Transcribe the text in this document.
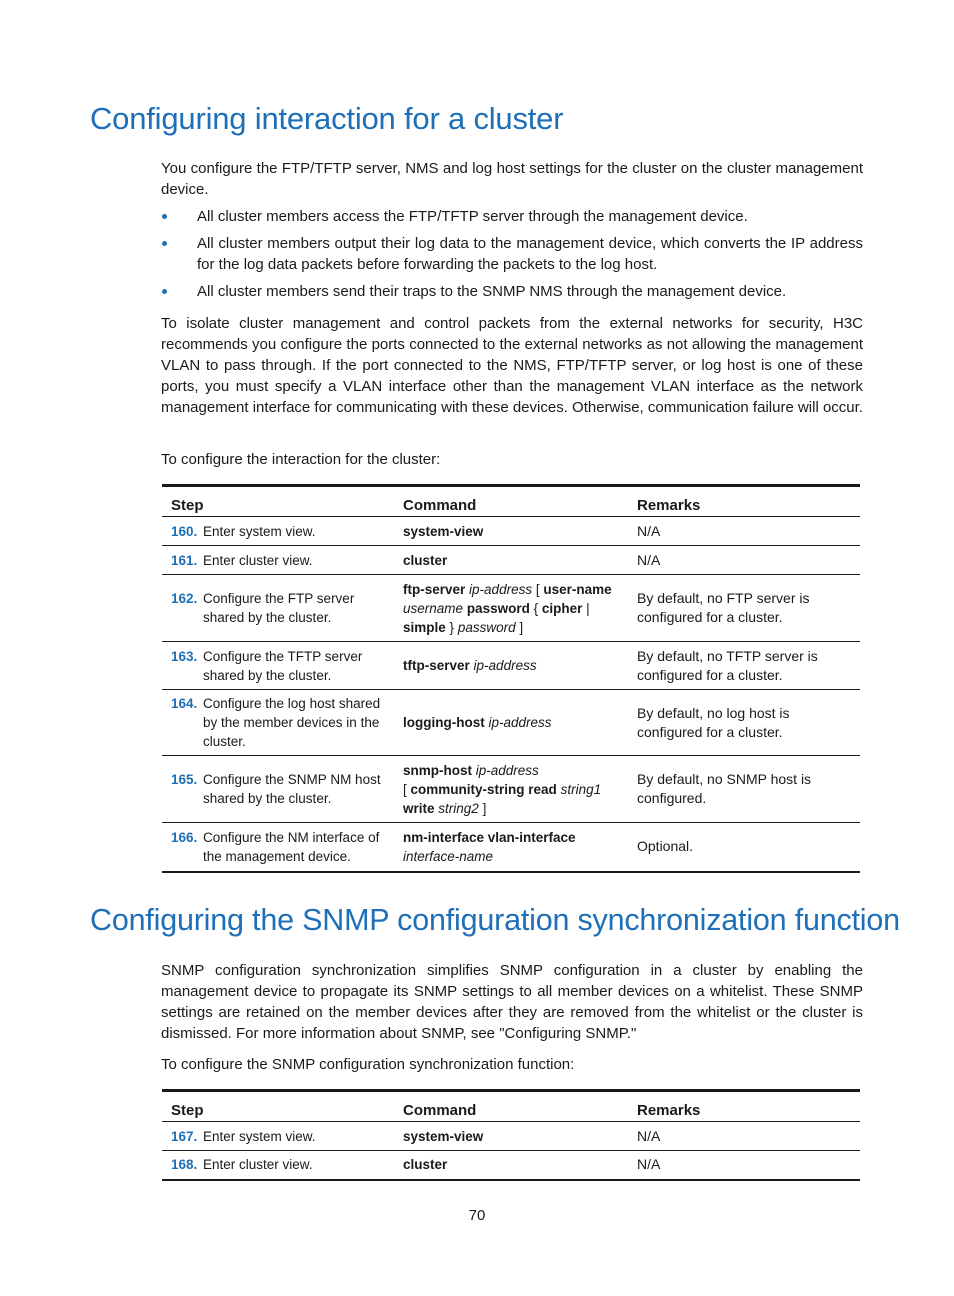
Configuring interaction for a cluster

You configure the FTP/TFTP server, NMS and log host settings for the cluster on the cluster management device.

All cluster members access the FTP/TFTP server through the management device.
All cluster members output their log data to the management device, which converts the IP address for the log data packets before forwarding the packets to the log host.
All cluster members send their traps to the SNMP NMS through the management device.

To isolate cluster management and control packets from the external networks for security, H3C recommends you configure the ports connected to the external networks as not allowing the management VLAN to pass through. If the port connected to the NMS, FTP/TFTP server, or log host is one of these ports, you must specify a VLAN interface other than the management VLAN interface as the network management interface for communicating with these devices. Otherwise, communication failure will occur.

To configure the interaction for the cluster:

Step	Command	Remarks

160. Enter system view.	system-view	N/A

161. Enter cluster view.	cluster	N/A

162. Configure the FTP server shared by the cluster.	ftp-server ip-address [ user-name username password { cipher | simple } password ]	By default, no FTP server is configured for a cluster.

163. Configure the TFTP server shared by the cluster.	tftp-server ip-address	By default, no TFTP server is configured for a cluster.

164. Configure the log host shared by the member devices in the cluster.	logging-host ip-address	By default, no log host is configured for a cluster.

165. Configure the SNMP NM host shared by the cluster.	snmp-host ip-address
[ community-string read string1
write string2 ]	By default, no SNMP host is configured.

166. Configure the NM interface of the management device.	nm-interface vlan-interface
interface-name	Optional.
Configuring the SNMP configuration synchronization function

SNMP configuration synchronization simplifies SNMP configuration in a cluster by enabling the management device to propagate its SNMP settings to all member devices on a whitelist. These SNMP settings are retained on the member devices after they are removed from the whitelist or the cluster is dismissed. For more information about SNMP, see "Configuring SNMP."

To configure the SNMP configuration synchronization function:

Step	Command	Remarks

167. Enter system view.	system-view	N/A

168. Enter cluster view.	cluster	N/A
70
